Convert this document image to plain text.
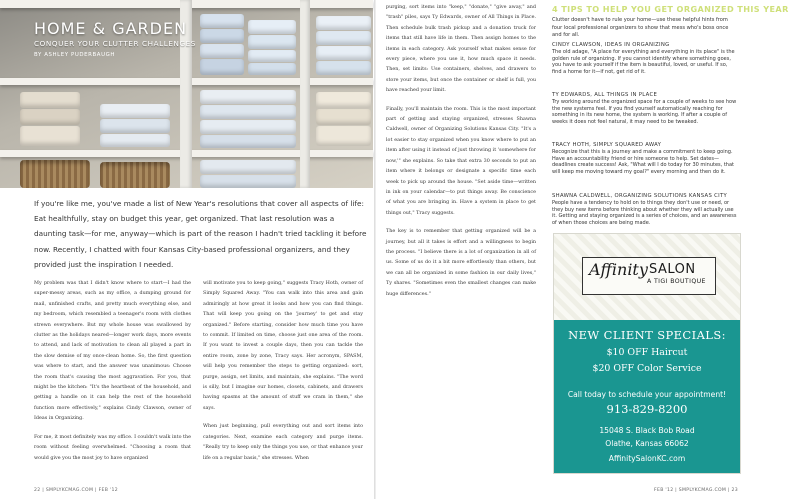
HOME & GARDEN
CONQUER YOUR CLUTTER CHALLENGES
BY ASHLEY PUDERBAUGH
If you're like me, you've made a list of New Year's resolutions that cover all aspects of life: Eat healthfully, stay on budget this year, get organized. That last resolution was a daunting task—for me, anyway—which is part of the reason I hadn't tried tackling it before now. Recently, I chatted with four Kansas City-based professional organizers, and they provided just the inspiration I needed.

My problem was that I didn't know where to start—I had the super-messy areas, such as my office, a dumping ground for mail, unfinished crafts, and pretty much everything else, and my bedroom, which resembled a teenager's room with clothes strewn everywhere. But my whole house was swallowed by clutter as the holidays neared—longer work days, more events to attend, and lack of motivation to clean all played a part in the slow demise of my once-clean home. So, the first question was where to start, and the answer was unanimous: Choose the room that's causing the most aggravation. For you, that might be the kitchen: "It's the heartbeat of the household, and getting a handle on it can help the rest of the household function more effectively," explains Cindy Clawson, owner of Ideas in Organizing.

For me, it most definitely was my office. I couldn't walk into the room without feeling overwhelmed. "Choosing a room that would give you the most joy to have organized

will motivate you to keep going," suggests Tracy Hoth, owner of Simply Squared Away. "You can walk into this area and gain admiringly at how great it looks and how you can find things. That will keep you going on the 'journey' to get and stay organized." Before starting, consider how much time you have to commit. If limited on time, choose just one area of the room. If you want to invest a couple days, then you can tackle the entire room, zone by zone, Tracy says. Her acronym, SPASM, will help you remember the steps to getting organized: sort, purge, assign, set limits, and maintain, she explains. "The word is silly, but I imagine our homes, closets, cabinets, and drawers having spasms at the amount of stuff we cram in them," she says.

When just beginning, pull everything out and sort items into categories. Next, examine each category and purge items. "Really try to keep only the things you use, or that enhance your life on a regular basis," she stresses. When

22 | SMPLYKCMAG.COM | FEB '12

purging, sort items into "keep," "donate," "give away," and "trash" piles, says Ty Edwards, owner of All Things in Place. Then schedule bulk trash pickup and a donation truck for items that still have life in them. Then assign homes to the items in each category. Ask yourself what makes sense for every piece, where you use it, how much space it needs. Then, set limits: Use containers, shelves, and drawers to store your items, but once the container or shelf is full, you have reached your limit.

Finally, you'll maintain the room. This is the most important part of getting and staying organized, stresses Shawna Caldwell, owner of Organizing Solutions Kansas City. "It's a lot easier to stay organized when you know where to put an item after using it instead of just throwing it 'somewhere for now,'" she explains. So take that extra 30 seconds to put an item where it belongs or designate a specific time each week to pick up around the house. "Set aside time—written in ink on your calendar—to put things away. Be conscience of what you are bringing in. Have a system in place to get things out," Tracy suggests.

The key is to remember that getting organized will be a journey, but all it takes is effort and a willingness to begin the process. "I believe there is a lot of organization in all of us. Some of us do it a bit more effortlessly than others, but we can all be organized in some fashion in our daily lives," Ty shares. "Sometimes even the smallest changes can make huge differences."

4 TIPS TO HELP YOU GET ORGANIZED THIS YEAR
Clutter doesn't have to rule your home—use these helpful hints from four local professional organizers to show that mess who's boss once and for all.
CINDY CLAWSON, IDEAS IN ORGANIZING
The old adage, "A place for everything and everything in its place" is the golden rule of organizing. If you cannot identify where something goes, you have to ask yourself if the item is beautiful, loved, or useful. If so, find a home for it—if not, get rid of it.
TY EDWARDS, ALL THINGS IN PLACE
Try working around the organized space for a couple of weeks to see how the new systems feel. If you find yourself automatically reaching for something in its new home, the system is working. If after a couple of weeks it does not feel natural, it may need to be tweaked.
TRACY HOTH, SIMPLY SQUARED AWAY
Recognize that this is a journey and make a commitment to keep going. Have an accountability friend or hire someone to help. Set dates—deadlines create success! Ask, "What will I do today for 30 minutes, that will keep me moving toward my goal?" every morning and then do it.
SHAWNA CALDWELL, ORGANIZING SOLUTIONS KANSAS CITY
People have a tendency to hold on to things they don't use or need, or they buy new items before thinking about whether they will actually use it. Getting and staying organized is a series of choices, and an awareness of when those choices are being made.
Affinity SALON
A TIGI BOUTIQUE
NEW CLIENT SPECIALS:
$10 OFF Haircut
$20 OFF Color Service
Call today to schedule your appointment!
913-829-8200
15048 S. Black Bob Road
Olathe, Kansas 66062
AffinitySalonKC.com
FEB '12 | SMPLYKCMAG.COM | 23
